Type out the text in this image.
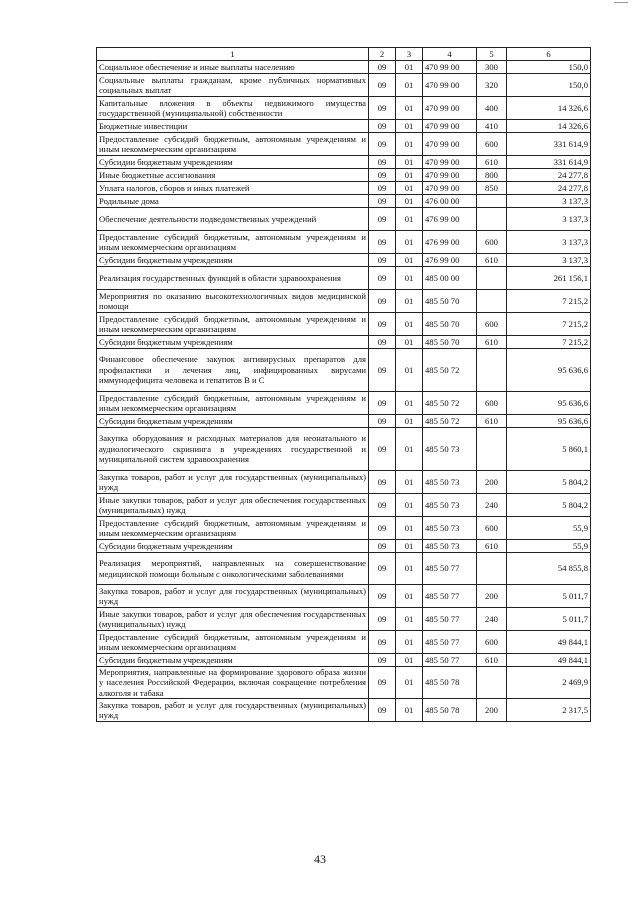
1	2	3	4	5	6
Социальное обеспечение и иные выплаты населению	09	01	470 99 00	300	150,0
Социальные выплаты гражданам, кроме публичных нормативных социальных выплат	09	01	470 99 00	320	150,0
Капитальные вложения в объекты недвижимого имущества государственной (муниципальной) собственности	09	01	470 99 00	400	14 326,6
Бюджетные инвестиции	09	01	470 99 00	410	14 326,6
Предоставление субсидий бюджетным, автономным учреждениям и иным некоммерческим организациям	09	01	470 99 00	600	331 614,9
Субсидии бюджетным учреждениям	09	01	470 99 00	610	331 614,9
Иные бюджетные ассигнования	09	01	470 99 00	800	24 277,8
Уплата налогов, сборов и иных платежей	09	01	470 99 00	850	24 277,8
Родильные дома	09	01	476 00 00		3 137,3
Обеспечение деятельности подведомственных учреждений	09	01	476 99 00		3 137,3
Предоставление субсидий бюджетным, автономным учреждениям и иным некоммерческим организациям	09	01	476 99 00	600	3 137,3
Субсидии бюджетным учреждениям	09	01	476 99 00	610	3 137,3
Реализация государственных функций в области здравоохранения	09	01	485 00 00		261 156,1
Мероприятия по оказанию высокотехнологичных видов медицинской помощи	09	01	485 50 70		7 215,2
Предоставление субсидий бюджетным, автономным учреждениям и иным некоммерческим организациям	09	01	485 50 70	600	7 215,2
Субсидии бюджетным учреждениям	09	01	485 50 70	610	7 215,2
Финансовое обеспечение закупок антивирусных препаратов для профилактики и лечения лиц, инфицированных вирусами иммунодефицита человека и гепатитов В и С	09	01	485 50 72		95 636,6
Предоставление субсидий бюджетным, автономным учреждениям и иным некоммерческим организациям	09	01	485 50 72	600	95 636,6
Субсидии бюджетным учреждениям	09	01	485 50 72	610	95 636,6
Закупка оборудования и расходных материалов для неонатального и аудиологического скрининга в учреждениях государственной и муниципальной систем здравоохранения	09	01	485 50 73		5 860,1
Закупка товаров, работ и услуг для государственных (муниципальных) нужд	09	01	485 50 73	200	5 804,2
Иные закупки товаров, работ и услуг для обеспечения государственных (муниципальных) нужд	09	01	485 50 73	240	5 804,2
Предоставление субсидий бюджетным, автономным учреждениям и иным некоммерческим организациям	09	01	485 50 73	600	55,9
Субсидии бюджетным учреждениям	09	01	485 50 73	610	55,9
Реализация мероприятий, направленных на совершенствование медицинской помощи больным с онкологическими заболеваниями	09	01	485 50 77		54 855,8
Закупка товаров, работ и услуг для государственных (муниципальных) нужд	09	01	485 50 77	200	5 011,7
Иные закупки товаров, работ и услуг для обеспечения государственных (муниципальных) нужд	09	01	485 50 77	240	5 011,7
Предоставление субсидий бюджетным, автономным учреждениям и иным некоммерческим организациям	09	01	485 50 77	600	49 844,1
Субсидии бюджетным учреждениям	09	01	485 50 77	610	49 844,1
Мероприятия, направленные на формирование здорового образа жизни у населения Российской Федерации, включая сокращение потребления алкоголя и табака	09	01	485 50 78		2 469,9
Закупка товаров, работ и услуг для государственных (муниципальных) нужд	09	01	485 50 78	200	2 317,5
43
